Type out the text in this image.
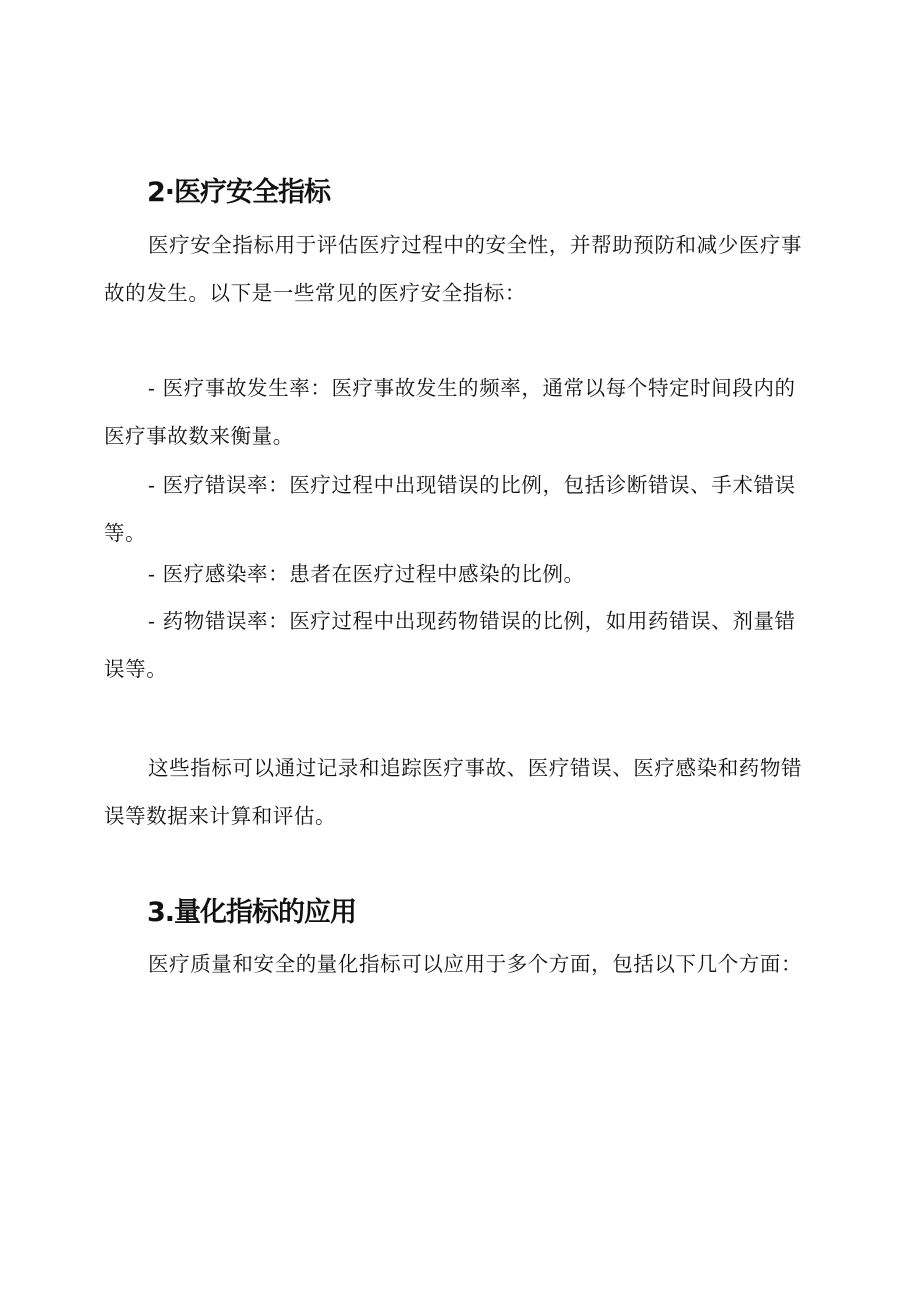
2·医疗安全指标

医疗安全指标用于评估医疗过程中的安全性，并帮助预防和减少医疗事故的发生。以下是一些常见的医疗安全指标：

- 医疗事故发生率：医疗事故发生的频率，通常以每个特定时间段内的医疗事故数来衡量。

- 医疗错误率：医疗过程中出现错误的比例，包括诊断错误、手术错误等。

- 医疗感染率：患者在医疗过程中感染的比例。

- 药物错误率：医疗过程中出现药物错误的比例，如用药错误、剂量错误等。

这些指标可以通过记录和追踪医疗事故、医疗错误、医疗感染和药物错误等数据来计算和评估。

3.量化指标的应用

医疗质量和安全的量化指标可以应用于多个方面，包括以下几个方面：
